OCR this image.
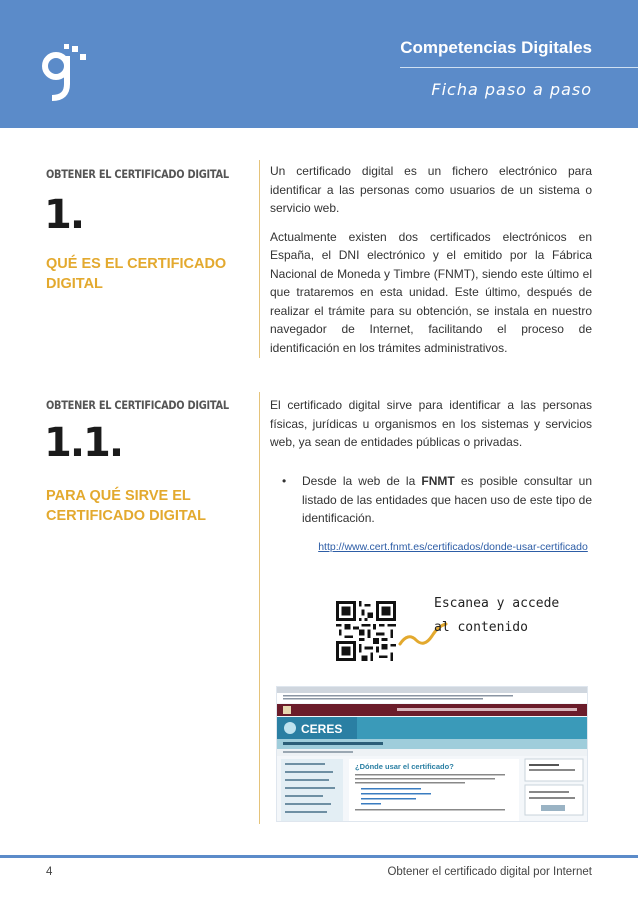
Competencias Digitales
Ficha paso a paso
OBTENER EL CERTIFICADO DIGITAL
1.
QUÉ ES EL CERTIFICADO DIGITAL

Un certificado digital es un fichero electrónico para identificar a las personas como usuarios de un sistema o servicio web.

Actualmente existen dos certificados electrónicos en España, el DNI electrónico y el emitido por la Fábrica Nacional de Moneda y Timbre (FNMT), siendo este último el que trataremos en esta unidad. Este último, después de realizar el trámite para su obtención, se instala en nuestro navegador de Internet, facilitando el proceso de identificación en los trámites administrativos.

OBTENER EL CERTIFICADO DIGITAL
1.1.
PARA QUÉ SIRVE EL CERTIFICADO DIGITAL

El certificado digital sirve para identificar a las personas físicas, jurídicas u organismos en los sistemas y servicios web, ya sean de entidades públicas o privadas.

• Desde la web de la FNMT es posible consultar un listado de las entidades que hacen uso de este tipo de identificación.
http://www.cert.fnmt.es/certificados/donde-usar-certificado
Escanea y accede
al contenido
CERES
¿Dónde usar el certificado?
4	Obtener el certificado digital por Internet
